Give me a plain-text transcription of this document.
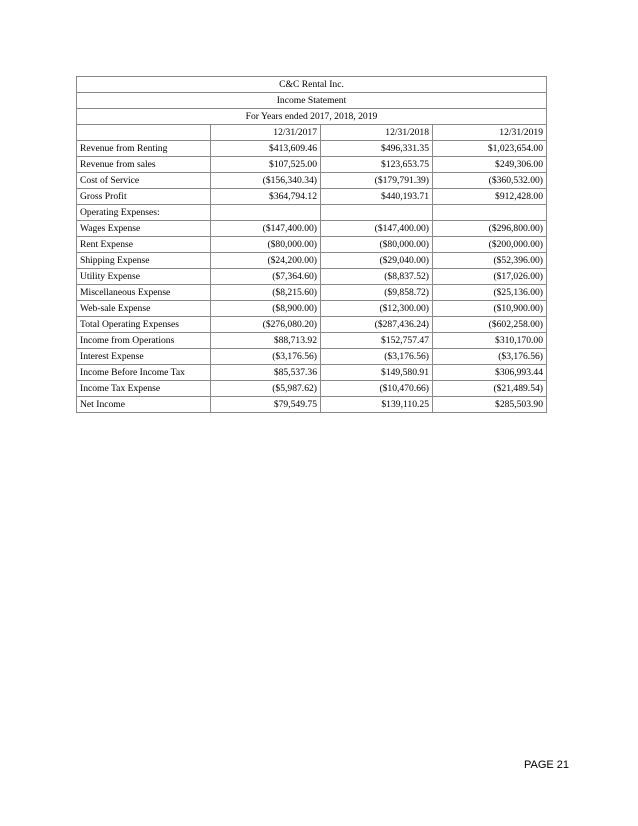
C&C Rental Inc.			
Income Statement			
For Years ended 2017, 2018, 2019			
	12/31/2017	12/31/2018	12/31/2019
Revenue from Renting	$413,609.46	$496,331.35	$1,023,654.00
Revenue from sales	$107,525.00	$123,653.75	$249,306.00
Cost of Service	($156,340.34)	($179,791.39)	($360,532.00)
Gross Profit	$364,794.12	$440,193.71	$912,428.00
Operating Expenses:			
Wages Expense	($147,400.00)	($147,400.00)	($296,800.00)
Rent Expense	($80,000.00)	($80,000.00)	($200,000.00)
Shipping Expense	($24,200.00)	($29,040.00)	($52,396.00)
Utility Expense	($7,364.60)	($8,837.52)	($17,026.00)
Miscellaneous Expense	($8,215.60)	($9,858.72)	($25,136.00)
Web-sale Expense	($8,900.00)	($12,300.00)	($10,900.00)
Total Operating Expenses	($276,080.20)	($287,436.24)	($602,258.00)
Income from Operations	$88,713.92	$152,757.47	$310,170.00
Interest Expense	($3,176.56)	($3,176.56)	($3,176.56)
Income Before Income Tax	$85,537.36	$149,580.91	$306,993.44
Income Tax Expense	($5,987.62)	($10,470.66)	($21,489.54)
Net Income	$79,549.75	$139,110.25	$285,503.90
PAGE 21
